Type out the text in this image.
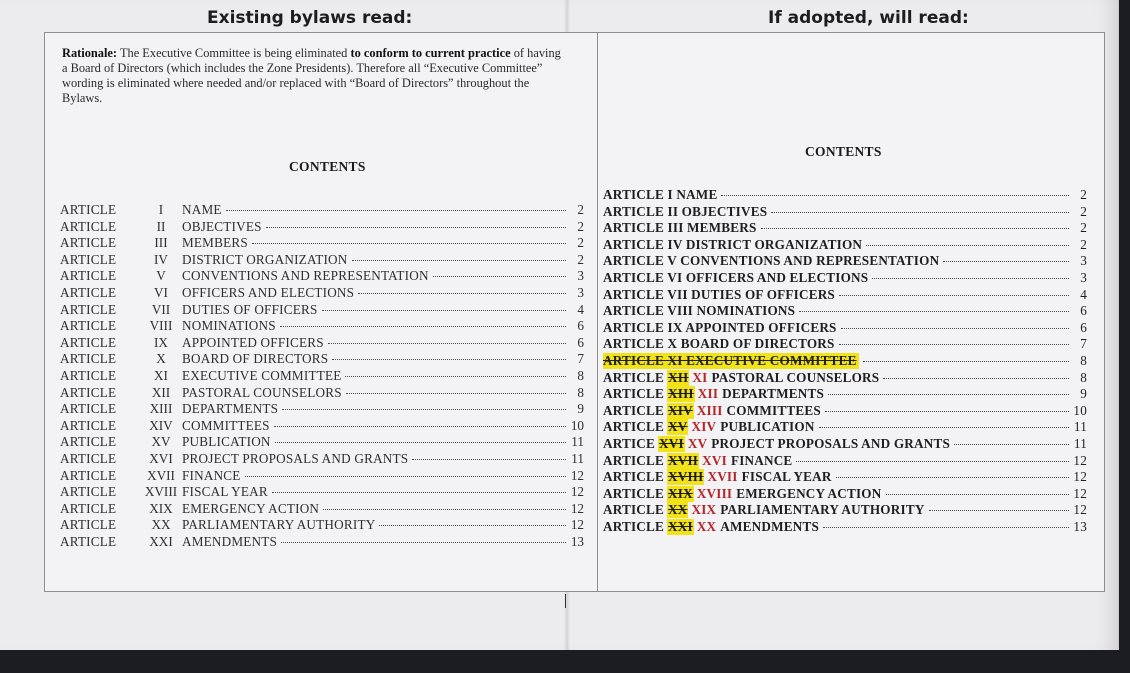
Existing bylaws read:	If adopted, will read:
Rationale: The Executive Committee is being eliminated to conform to current practice of having a Board of Directors (which includes the Zone Presidents). Therefore all “Executive Committee” wording is eliminated where needed and/or replaced with “Board of Directors” throughout the Bylaws.
CONTENTS
CONTENTS
ARTICLE	I	NAME	2
ARTICLE	II	OBJECTIVES	2
ARTICLE	III	MEMBERS	2
ARTICLE	IV	DISTRICT ORGANIZATION	2
ARTICLE	V	CONVENTIONS AND REPRESENTATION	3
ARTICLE	VI	OFFICERS AND ELECTIONS	3
ARTICLE	VII DUTIES OF OFFICERS	4
ARTICLE	VIII NOMINATIONS	6
ARTICLE	IX	APPOINTED OFFICERS	6
ARTICLE	X	BOARD OF DIRECTORS	7
ARTICLE	XI	EXECUTIVE COMMITTEE	8
ARTICLE	XII PASTORAL COUNSELORS	8
ARTICLE	XIII DEPARTMENTS	9
ARTICLE	XIV COMMITTEES	10
ARTICLE	XV PUBLICATION	11
ARTICLE	XVI PROJECT PROPOSALS AND GRANTS	11
ARTICLE	XVII FINANCE	12
ARTICLE	XVIII FISCAL YEAR	12
ARTICLE	XIX EMERGENCY ACTION	12
ARTICLE	XX PARLIAMENTARY AUTHORITY	12
ARTICLE	XXI AMENDMENTS	13
ARTICLE I NAME	2
ARTICLE II OBJECTIVES	2
ARTICLE III MEMBERS	2
ARTICLE IV DISTRICT ORGANIZATION	2
ARTICLE V CONVENTIONS AND REPRESENTATION	3
ARTICLE VI OFFICERS AND ELECTIONS	3
ARTICLE VII DUTIES OF OFFICERS	4
ARTICLE VIII NOMINATIONS	6
ARTICLE IX APPOINTED OFFICERS	6
ARTICLE X BOARD OF DIRECTORS	7
ARTICLE XI EXECUTIVE COMMITTEE	8
ARTICLE XII XI PASTORAL COUNSELORS	8
ARTICLE XIII XII DEPARTMENTS	9
ARTICLE XIV XIII COMMITTEES	10
ARTICLE XV XIV PUBLICATION	11
ARTICE XVI XV PROJECT PROPOSALS AND GRANTS	11
ARTICLE XVII XVI FINANCE	12
ARTICLE XVIII XVII FISCAL YEAR	12
ARTICLE XIX XVIII EMERGENCY ACTION	12
ARTICLE XX XIX PARLIAMENTARY AUTHORITY	12
ARTICLE XXI XX AMENDMENTS	13
